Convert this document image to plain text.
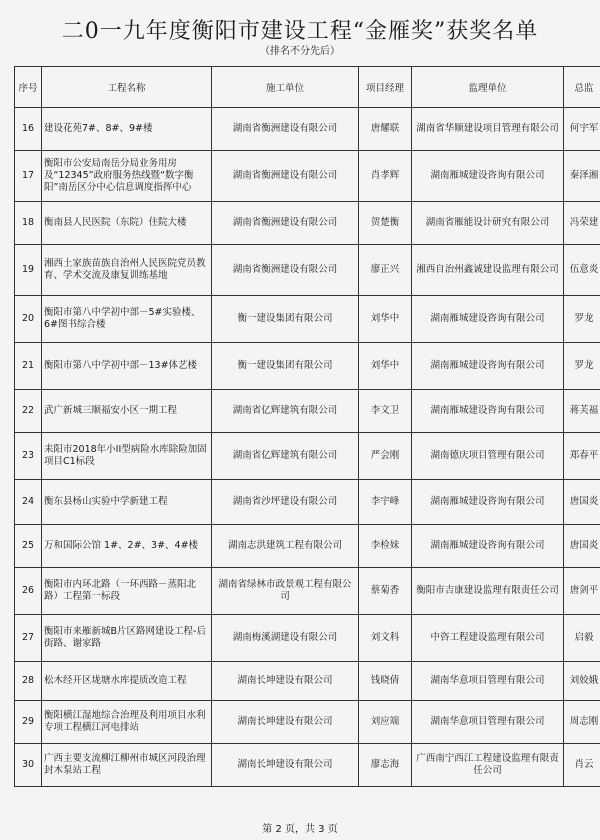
二0一九年度衡阳市建设工程“金雁奖”获奖名单
（排名不分先后）
序号	工程名称	施工单位	项目经理	监理单位	总监
16	建设花苑7#、8#、9#楼	湖南省衡洲建设有限公司	唐耀联	湖南省华顺建设项目管理有限公司	何宇军
17	衡阳市公安局南岳分局业务用房及“12345”政府服务热线暨“数字衡阳”南岳区分中心信息调度指挥中心	湖南省衡洲建设有限公司	肖孝辉	湖南雁城建设咨询有限公司	秦泽湘
18	衡南县人民医院（东院）住院大楼	湖南省衡洲建设有限公司	贺楚衡	湖南省雁能设计研究有限公司	冯荣建
19	湘西土家族苗族自治州人民医院党员教育、学术交流及康复训练基地	湖南省衡洲建设有限公司	廖正兴	湘西自治州鑫诚建设监理有限公司	伍意炎
20	衡阳市第八中学初中部－5#实验楼、6#图书综合楼	衡一建设集团有限公司	刘华中	湖南雁城建设咨询有限公司	罗龙
21	衡阳市第八中学初中部－13#体艺楼	衡一建设集团有限公司	刘华中	湖南雁城建设咨询有限公司	罗龙
22	武广新城三顺福安小区一期工程	湖南省亿辉建筑有限公司	李文卫	湖南雁城建设咨询有限公司	蒋芙福
23	耒阳市2018年小II型病险水库除险加固项目C1标段	湖南省亿辉建筑有限公司	严会刚	湖南德庆项目管理有限公司	郑春平
24	衡东县杨山实验中学新建工程	湖南省沙坪建设有限公司	李宇峰	湖南雁城建设咨询有限公司	唐国炎
25	万和国际公馆 1#、2#、3#、4#楼	湖南志洪建筑工程有限公司	李检妹	湖南雁城建设咨询有限公司	唐国炎
26	衡阳市内环北路（一环西路－蒸阳北路）工程第一标段	湖南省绿林市政景观工程有限公司	蔡菊香	衡阳市吉康建设监理有限责任公司	唐剑平
27	衡阳市来雁新城B片区路网建设工程-后街路、谢家路	湖南梅溪湖建设有限公司	刘文科	中咨工程建设监理有限公司	启毅
28	松木经开区垅塘水库提质改造工程	湖南长坤建设有限公司	钱晓倩	湖南华意项目管理有限公司	刘姣娥
29	衡阳横江湿地综合治理及利用项目水利专项工程横江河电排站	湖南长坤建设有限公司	刘应端	湖南华意项目管理有限公司	周志刚
30	广西主要支流柳江柳州市城区河段治理封木泵站工程	湖南长坤建设有限公司	廖志海	广西南宁西江工程建设监理有限责任公司	肖云
第 2 页，共 3 页
